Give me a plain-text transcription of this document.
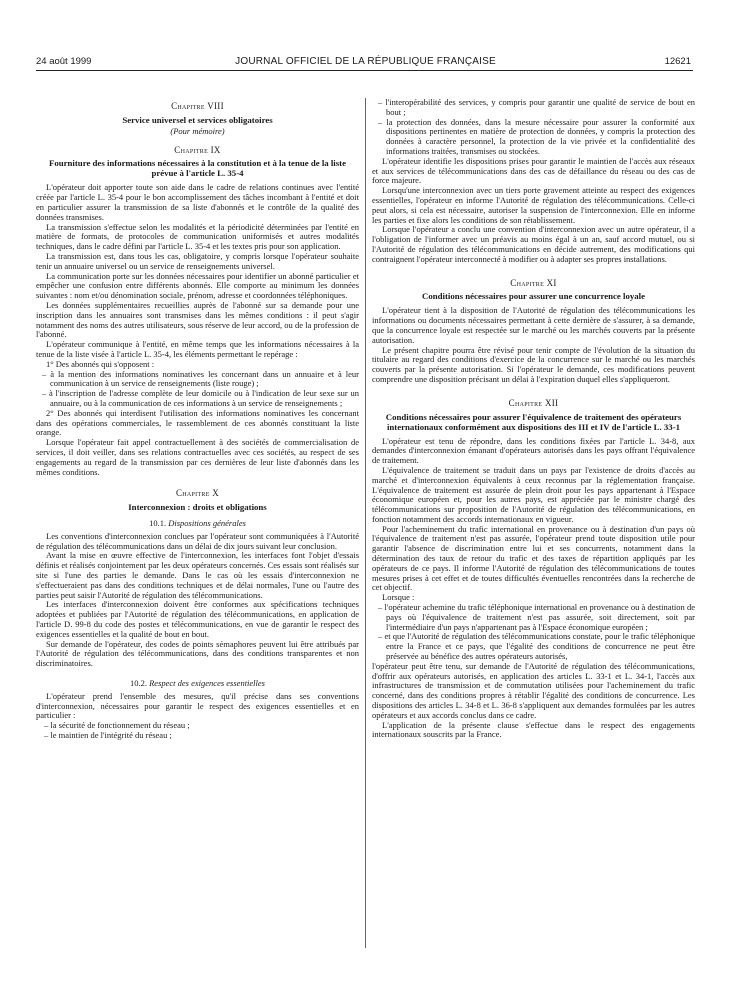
24 août 1999	JOURNAL OFFICIEL DE LA RÉPUBLIQUE FRANÇAISE	12621
Chapitre VIII
Service universel et services obligatoires
(Pour mémoire)
Chapitre IX
Fourniture des informations nécessaires à la constitution et à la tenue de la liste prévue à l'article L. 35-4

L'opérateur doit apporter toute son aide dans le cadre de relations continues avec l'entité créée par l'article L. 35-4 pour le bon accomplissement des tâches incombant à l'entité et doit en particulier assurer la transmission de sa liste d'abonnés et le contrôle de la qualité des données transmises.

La transmission s'effectue selon les modalités et la périodicité déterminées par l'entité en matière de formats, de protocoles de communication uniformisés et autres modalités techniques, dans le cadre défini par l'article L. 35-4 et les textes pris pour son application.

La transmission est, dans tous les cas, obligatoire, y compris lorsque l'opérateur souhaite tenir un annuaire universel ou un service de renseignements universel.

La communication porte sur les données nécessaires pour identifier un abonné particulier et empêcher une confusion entre différents abonnés. Elle comporte au minimum les données suivantes : nom et/ou dénomination sociale, prénom, adresse et coordonnées téléphoniques.

Les données supplémentaires recueillies auprès de l'abonné sur sa demande pour une inscription dans les annuaires sont transmises dans les mêmes conditions : il peut s'agir notamment des noms des autres utilisateurs, sous réserve de leur accord, ou de la profession de l'abonné.

L'opérateur communique à l'entité, en même temps que les informations nécessaires à la tenue de la liste visée à l'article L. 35-4, les éléments permettant le repérage :

1° Des abonnés qui s'opposent :

– à la mention des informations nominatives les concernant dans un annuaire et à leur communication à un service de renseignements (liste rouge) ;
– à l'inscription de l'adresse complète de leur domicile ou à l'indication de leur sexe sur un annuaire, ou à la communication de ces informations à un service de renseignements ;

2° Des abonnés qui interdisent l'utilisation des informations nominatives les concernant dans des opérations commerciales, le rassemblement de ces abonnés constituant la liste orange.

Lorsque l'opérateur fait appel contractuellement à des sociétés de commercialisation de services, il doit veiller, dans ses relations contractuelles avec ces sociétés, au respect de ses engagements au regard de la transmission par ces dernières de leur liste d'abonnés dans les mêmes conditions.

Chapitre X
Interconnexion : droits et obligations
10.1. Dispositions générales

Les conventions d'interconnexion conclues par l'opérateur sont communiquées à l'Autorité de régulation des télécommunications dans un délai de dix jours suivant leur conclusion.

Avant la mise en œuvre effective de l'interconnexion, les interfaces font l'objet d'essais définis et réalisés conjointement par les deux opérateurs concernés. Ces essais sont réalisés sur site si l'une des parties le demande. Dans le cas où les essais d'interconnexion ne s'effectueraient pas dans des conditions techniques et de délai normales, l'une ou l'autre des parties peut saisir l'Autorité de régulation des télécommunications.

Les interfaces d'interconnexion doivent être conformes aux spécifications techniques adoptées et publiées par l'Autorité de régulation des télécommunications, en application de l'article D. 99-8 du code des postes et télécommunications, en vue de garantir le respect des exigences essentielles et la qualité de bout en bout.

Sur demande de l'opérateur, des codes de points sémaphores peuvent lui être attribués par l'Autorité de régulation des télécommunications, dans des conditions transparentes et non discriminatoires.

10.2. Respect des exigences essentielles

L'opérateur prend l'ensemble des mesures, qu'il précise dans ses conventions d'interconnexion, nécessaires pour garantir le respect des exigences essentielles et en particulier :

– la sécurité de fonctionnement du réseau ;
– le maintien de l'intégrité du réseau ;
– l'interopérabilité des services, y compris pour garantir une qualité de service de bout en bout ;
– la protection des données, dans la mesure nécessaire pour assurer la conformité aux dispositions pertinentes en matière de protection de données, y compris la protection des données à caractère personnel, la protection de la vie privée et la confidentialité des informations traitées, transmises ou stockées.

L'opérateur identifie les dispositions prises pour garantir le maintien de l'accès aux réseaux et aux services de télécommunications dans des cas de défaillance du réseau ou des cas de force majeure.

Lorsqu'une interconnexion avec un tiers porte gravement atteinte au respect des exigences essentielles, l'opérateur en informe l'Autorité de régulation des télécommunications. Celle-ci peut alors, si cela est nécessaire, autoriser la suspension de l'interconnexion. Elle en informe les parties et fixe alors les conditions de son rétablissement.

Lorsque l'opérateur a conclu une convention d'interconnexion avec un autre opérateur, il a l'obligation de l'informer avec un préavis au moins égal à un an, sauf accord mutuel, ou si l'Autorité de régulation des télécommunications en décide autrement, des modifications qui contraignent l'opérateur interconnecté à modifier ou à adapter ses propres installations.

Chapitre XI
Conditions nécessaires pour assurer une concurrence loyale

L'opérateur tient à la disposition de l'Autorité de régulation des télécommunications les informations ou documents nécessaires permettant à cette dernière de s'assurer, à sa demande, que la concurrence loyale est respectée sur le marché ou les marchés couverts par la présente autorisation.

Le présent chapitre pourra être révisé pour tenir compte de l'évolution de la situation du titulaire au regard des conditions d'exercice de la concurrence sur le marché ou les marchés couverts par la présente autorisation. Si l'opérateur le demande, ces modifications peuvent comprendre une disposition précisant un délai à l'expiration duquel elles s'appliqueront.

Chapitre XII
Conditions nécessaires pour assurer l'équivalence de traitement des opérateurs internationaux conformément aux dispositions des III et IV de l'article L. 33-1

L'opérateur est tenu de répondre, dans les conditions fixées par l'article L. 34-8, aux demandes d'interconnexion émanant d'opérateurs autorisés dans les pays offrant l'équivalence de traitement.

L'équivalence de traitement se traduit dans un pays par l'existence de droits d'accès au marché et d'interconnexion équivalents à ceux reconnus par la réglementation française. L'équivalence de traitement est assurée de plein droit pour les pays appartenant à l'Espace économique européen et, pour les autres pays, est appréciée par le ministre chargé des télécommunications sur proposition de l'Autorité de régulation des télécommunications, en fonction notamment des accords internationaux en vigueur.

Pour l'acheminement du trafic international en provenance ou à destination d'un pays où l'équivalence de traitement n'est pas assurée, l'opérateur prend toute disposition utile pour garantir l'absence de discrimination entre lui et ses concurrents, notamment dans la détermination des taux de retour du trafic et des taxes de répartition appliqués par les opérateurs de ce pays. Il informe l'Autorité de régulation des télécommunications de toutes mesures prises à cet effet et de toutes difficultés éventuelles rencontrées dans la recherche de cet objectif.

Lorsque :

– l'opérateur achemine du trafic téléphonique international en provenance ou à destination de pays où l'équivalence de traitement n'est pas assurée, soit directement, soit par l'intermédiaire d'un pays n'appartenant pas à l'Espace économique européen ;
– et que l'Autorité de régulation des télécommunications constate, pour le trafic téléphonique entre la France et ce pays, que l'égalité des conditions de concurrence ne peut être préservée au bénéfice des autres opérateurs autorisés,

l'opérateur peut être tenu, sur demande de l'Autorité de régulation des télécommunications, d'offrir aux opérateurs autorisés, en application des articles L. 33-1 et L. 34-1, l'accès aux infrastructures de transmission et de commutation utilisées pour l'acheminement du trafic concerné, dans des conditions propres à rétablir l'égalité des conditions de concurrence. Les dispositions des articles L. 34-8 et L. 36-8 s'appliquent aux demandes formulées par les autres opérateurs et aux accords conclus dans ce cadre.

L'application de la présente clause s'effectue dans le respect des engagements internationaux souscrits par la France.
